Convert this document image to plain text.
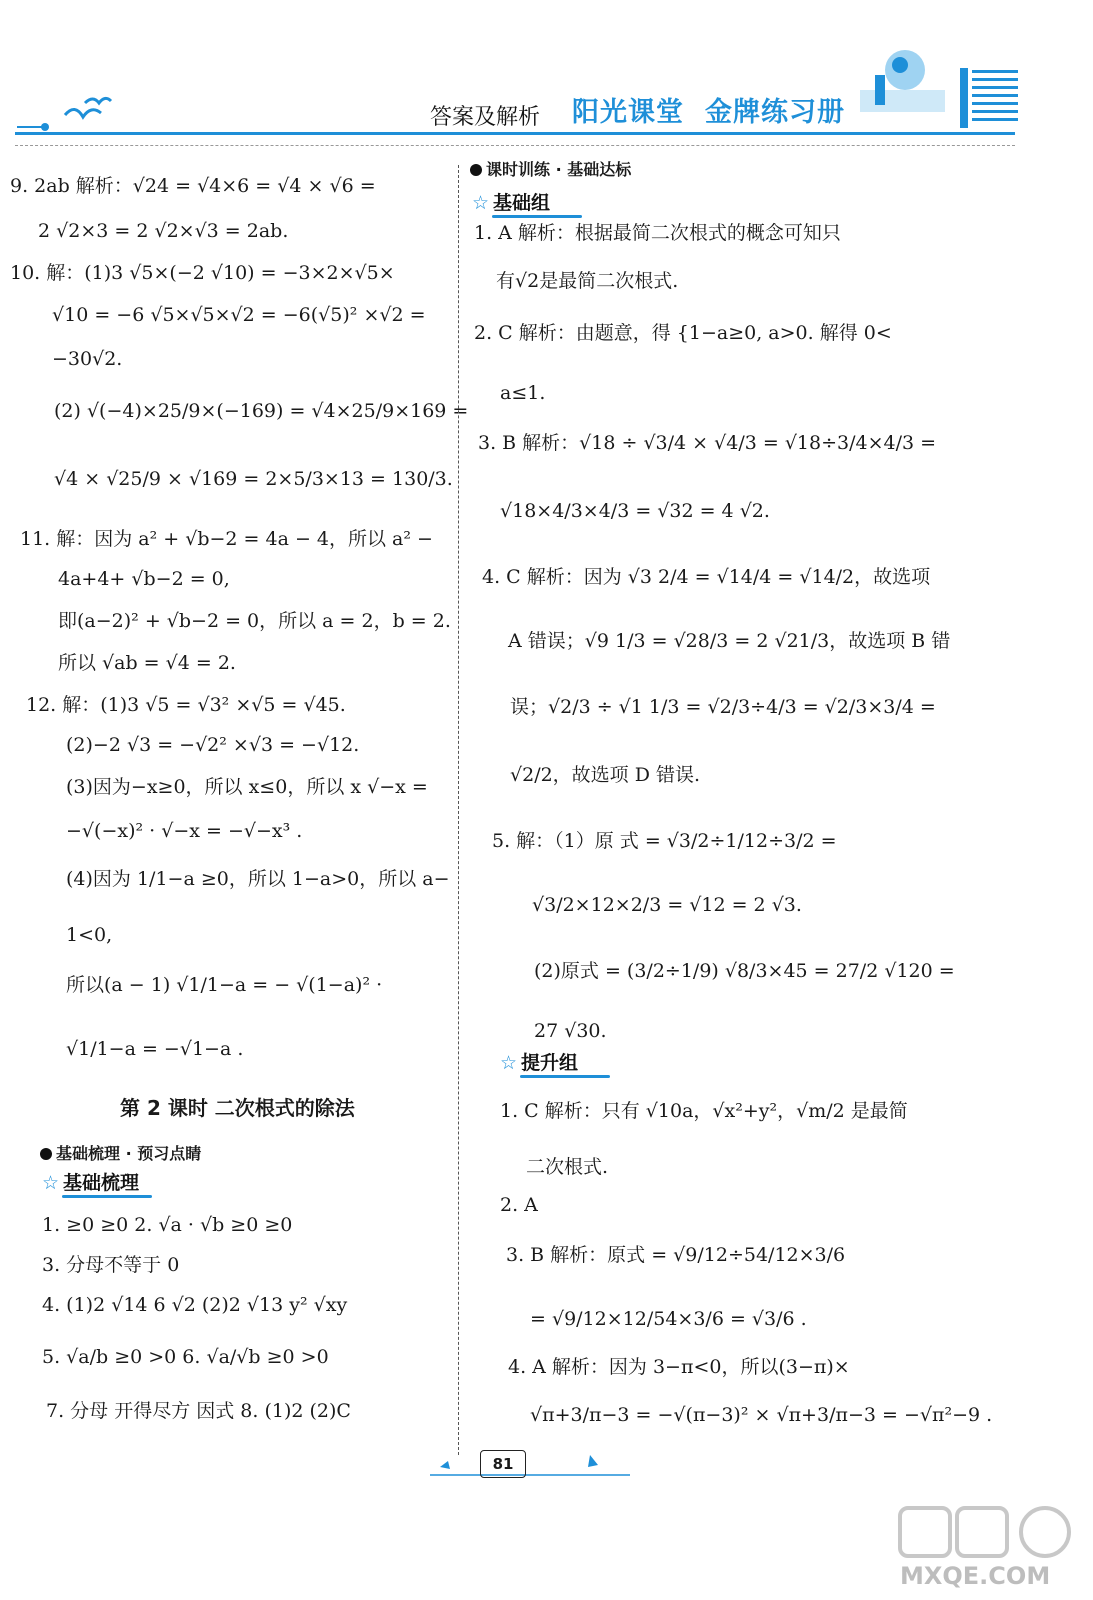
答案及解析 阳光课堂 金牌练习册
9. 2ab 解析：√24 = √4×6 = √4 × √6 =
2 √2×3 = 2 √2×√3 = 2ab.
10. 解：(1)3 √5×(−2 √10) = −3×2×√5×
√10 = −6 √5×√5×√2 = −6(√5)² ×√2 =
−30√2.
(2) √(−4)×25/9×(−169) = √4×25/9×169 =
√4 × √25/9 × √169 = 2×5/3×13 = 130/3.
11. 解：因为 a² + √b−2 = 4a − 4，所以 a² −
4a+4+ √b−2 = 0,
即(a−2)² + √b−2 = 0，所以 a = 2，b = 2.
所以 √ab = √4 = 2.
12. 解：(1)3 √5 = √3² ×√5 = √45.
(2)−2 √3 = −√2² ×√3 = −√12.
(3)因为−x≥0，所以 x≤0，所以 x √−x =
−√(−x)² · √−x = −√−x³ .
(4)因为 1/1−a ≥0，所以 1−a>0，所以 a−
1<0,
所以(a − 1) √1/1−a = − √(1−a)² ·
√1/1−a = −√1−a .
第 2 课时 二次根式的除法
基础梳理 · 预习点睛
☆ 基础梳理
1. ≥0 ≥0 2. √a · √b ≥0 ≥0
3. 分母不等于 0
4. (1)2 √14 6 √2 (2)2 √13 y² √xy
5. √a/b ≥0 >0 6. √a/√b ≥0 >0
7. 分母 开得尽方 因式 8. (1)2 (2)C
课时训练 · 基础达标
☆ 基础组
1. A 解析：根据最简二次根式的概念可知只
有√2是最简二次根式.
2. C 解析：由题意，得 {1−a≥0, a>0. 解得 0<
a≤1.
3. B 解析：√18 ÷ √3/4 × √4/3 = √18÷3/4×4/3 =
√18×4/3×4/3 = √32 = 4 √2.
4. C 解析：因为 √3 2/4 = √14/4 = √14/2，故选项
A 错误；√9 1/3 = √28/3 = 2 √21/3，故选项 B 错
误；√2/3 ÷ √1 1/3 = √2/3÷4/3 = √2/3×3/4 =
√2/2，故选项 D 错误.
5. 解：（1）原 式 = √3/2÷1/12÷3/2 =
√3/2×12×2/3 = √12 = 2 √3.
(2)原式 = (3/2÷1/9) √8/3×45 = 27/2 √120 =
27 √30.
☆ 提升组
1. C 解析：只有 √10a，√x²+y²，√m/2 是最简
二次根式.
2. A
3. B 解析：原式 = √9/12÷54/12×3/6
= √9/12×12/54×3/6 = √3/6 .
4. A 解析：因为 3−π<0，所以(3−π)×
√π+3/π−3 = −√(π−3)² × √π+3/π−3 = −√π²−9 .
81
MXQE.COM
